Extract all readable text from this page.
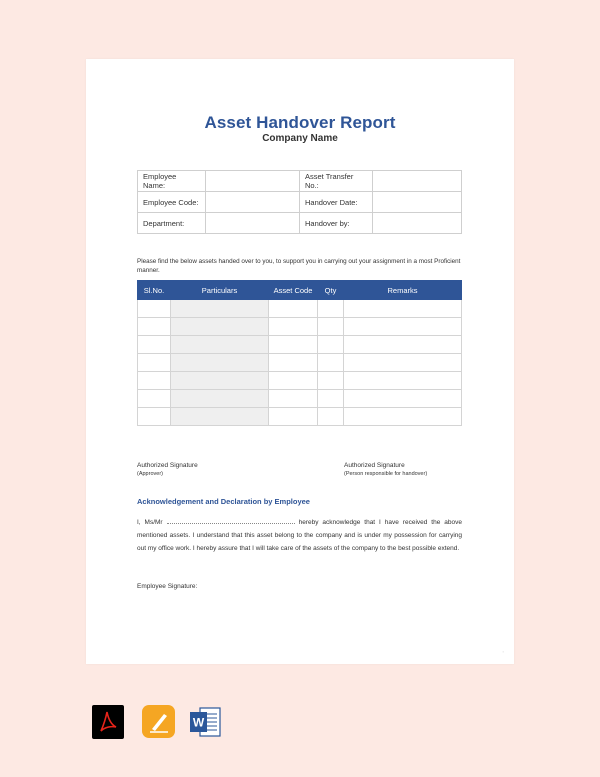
Asset Handover Report
Company Name
Employee Name:		Asset Transfer No.:	
Employee Code:		Handover Date:	
Department:		Handover by:	
Please find the below assets handed over to you, to support you in carrying out your assignment in a most Proficient manner.
Sl.No.	Particulars	Asset Code	Qty	Remarks

Authorized Signature
(Approver)
Authorized Signature
(Person responsible for handover)
Acknowledgement and Declaration by Employee
I, Ms/Mr	hereby acknowledge that I have received the above mentioned assets. I understand that this asset belong to the company and is under my possession for carrying out my office work. I hereby assure that I will take care of the assets of the company to the best possible extend.
Employee Signature:
▪
W
